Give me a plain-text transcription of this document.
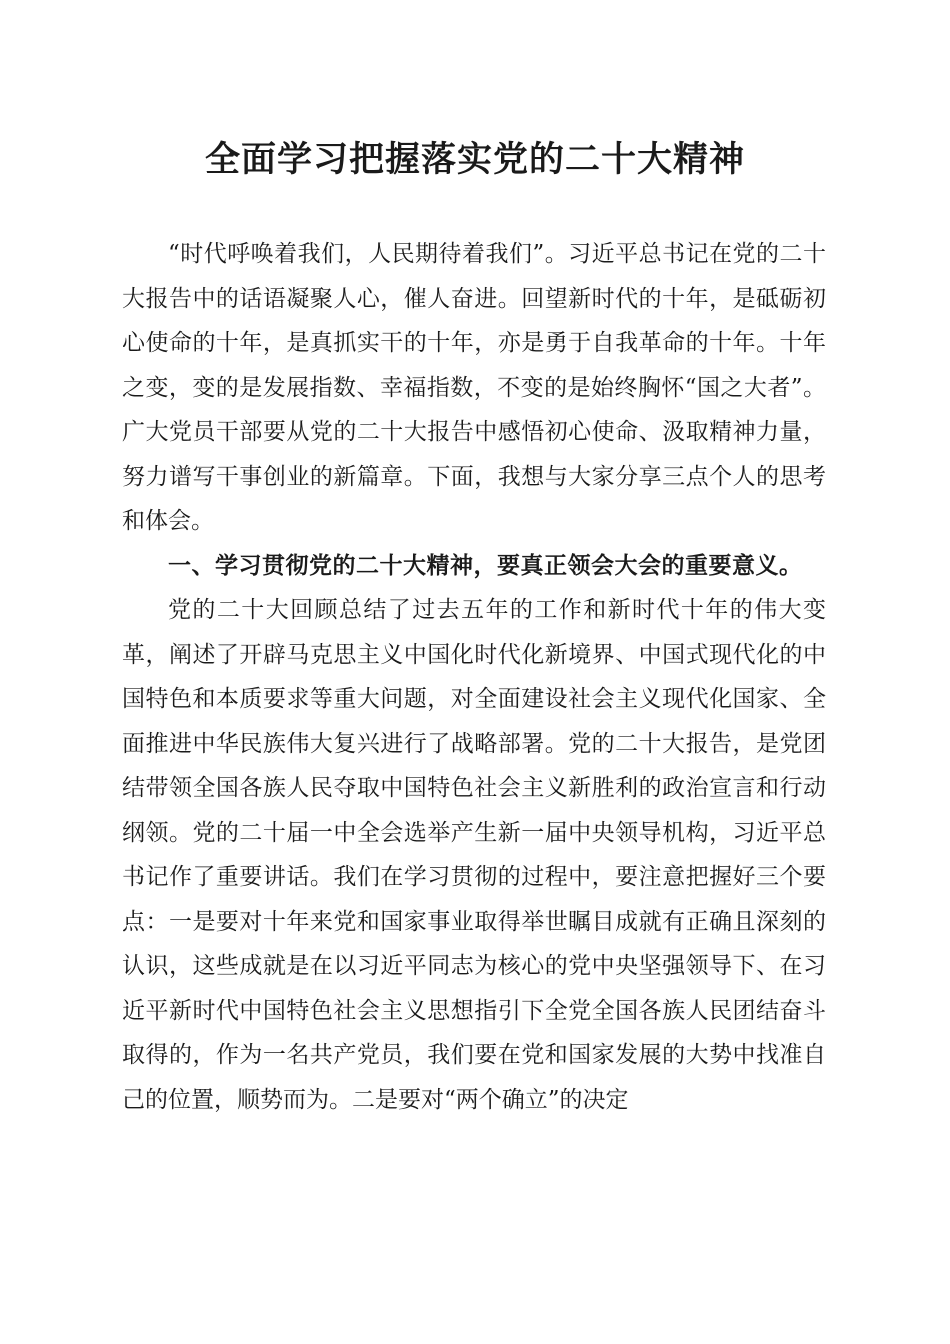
全面学习把握落实党的二十大精神

“时代呼唤着我们，人民期待着我们”。习近平总书记在党的二十大报告中的话语凝聚人心，催人奋进。回望新时代的十年，是砥砺初心使命的十年，是真抓实干的十年，亦是勇于自我革命的十年。十年之变，变的是发展指数、幸福指数，不变的是始终胸怀“国之大者”。广大党员干部要从党的二十大报告中感悟初心使命、汲取精神力量，努力谱写干事创业的新篇章。下面，我想与大家分享三点个人的思考和体会。

一、学习贯彻党的二十大精神，要真正领会大会的重要意义。

党的二十大回顾总结了过去五年的工作和新时代十年的伟大变革，阐述了开辟马克思主义中国化时代化新境界、中国式现代化的中国特色和本质要求等重大问题，对全面建设社会主义现代化国家、全面推进中华民族伟大复兴进行了战略部署。党的二十大报告，是党团结带领全国各族人民夺取中国特色社会主义新胜利的政治宣言和行动纲领。党的二十届一中全会选举产生新一届中央领导机构，习近平总书记作了重要讲话。我们在学习贯彻的过程中，要注意把握好三个要点：一是要对十年来党和国家事业取得举世瞩目成就有正确且深刻的认识，这些成就是在以习近平同志为核心的党中央坚强领导下、在习近平新时代中国特色社会主义思想指引下全党全国各族人民团结奋斗取得的，作为一名共产党员，我们要在党和国家发展的大势中找准自己的位置，顺势而为。二是要对“两个确立”的决定
